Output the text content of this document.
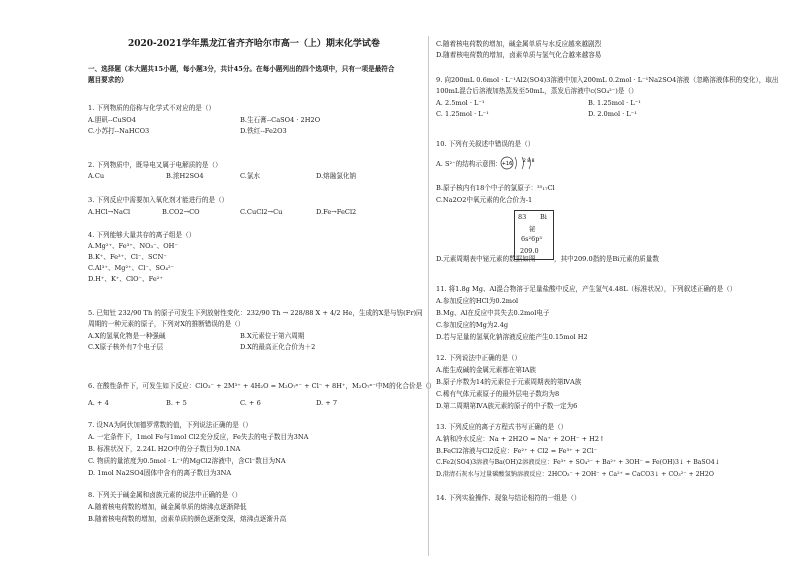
2020-2021学年黑龙江省齐齐哈尔市高一（上）期末化学试卷
一、选择题（本大题共15小题，每小题3分，共计45分。在每小题列出的四个选项中，只有一项是最符合
题目要求的）
1. 下列物质的俗称与化学式不对应的是（）
A.胆矾--CuSO4	B.生石膏--CaSO4 · 2H2O
C.小苏打--NaHCO3	D.铁红--Fe2O3
2. 下列物质中，既导电又属于电解质的是（）
A.Cu	B.浓H2SO4	C.氯水	D.熔融氯化钠
3. 下列反应中需要加入氧化剂才能进行的是（）
A.HCl→NaCl	B.CO2→CO	C.CuCl2→Cu	D.Fe→FeCl2
4. 下列能够大量共存的离子组是（）
A.Mg²⁺、Fe³⁺、NO₃⁻、OH⁻
B.K⁺、Fe³⁺、Cl⁻、SCN⁻
C.Al³⁺、Mg²⁺、Cl⁻、SO₄²⁻
D.H⁺、K⁺、ClO⁻、Fe²⁺
5. 已知钍 232/90 Th 的原子可发生下列放射性变化：232/90 Th → 228/88 X + 4/2 He，生成的X是与钫(Fr)同
周期的一种元素的原子，下列对X的推断错误的是（）
A.X的氢氧化物是一种强碱	B.X元素位于第六周期
C.X原子核外有7个电子层	D.X的最高正化合价为＋2
6. 在酸性条件下，可发生如下反应：ClO₃⁻ + 2M³⁺ + 4H₂O = M₂O₇ⁿ⁻ + Cl⁻ + 8H⁺，M₂O₇ⁿ⁻中M的化合价是（）
A. + 4	B. + 5	C. + 6	D. + 7
7. 设NA为阿伏加德罗常数的值，下列说法正确的是（）
A. 一定条件下，1mol Fe与1mol Cl2充分反应，Fe失去的电子数目为3NA
B. 标准状况下，2.24L H2O中的分子数目为0.1NA
C. 物质的量浓度为0.5mol · L⁻¹的MgCl2溶液中，含Cl⁻数目为NA
D. 1mol Na2SO4固体中含有的离子数目为3NA
8. 下列关于碱金属和卤族元素的说法中正确的是（）
A.随着核电荷数的增加，碱金属单质的熔沸点逐渐降低
B.随着核电荷数的增加，卤素单质的颜色逐渐变深，熔沸点逐渐升高
C.随着核电荷数的增加，碱金属单质与水反应越来越剧烈
D.随着核电荷数的增加，卤素单质与氢气化合越来越容易
9. 向200mL 0.6mol · L⁻¹Al2(SO4)3溶液中加入200mL 0.2mol · L⁻¹Na2SO4溶液（忽略溶液体积的变化），取出
100mL混合后溶液加热蒸发至50mL，蒸发后溶液中c(SO₄²⁻)是（）
A. 2.5mol · L⁻¹	B. 1.25mol · L⁻¹
C. 1.25mol · L⁻¹	D. 2.0mol · L⁻¹
10. 下列有关叙述中错误的是（）
A. S²⁻的结构示意图： +16 2 8 8
B.原子核内有18个中子的氯原子：³⁵₁₇Cl
C.Na2O2中氧元素的化合价为-1
83 Bi
铋
6s²6p³
209.0
D.元素周期表中铋元素的数据如图	，其中209.0指的是Bi元素的质量数
11. 将1.8g Mg、Al混合物溶于足量盐酸中反应，产生氢气4.48L（标准状况），下列叙述正确的是（）
A.参加反应的HCl为0.2mol
B.Mg、Al在反应中共失去0.2mol电子
C.参加反应的Mg为2.4g
D.若与足量的氢氧化钠溶液反应能产生0.15mol H2
12. 下列说法中正确的是（）
A.能生成碱的金属元素都在第ⅠA族
B.原子序数为14的元素位于元素周期表的第ⅣA族
C.稀有气体元素原子的最外层电子数均为8
D.第二周期第ⅣA族元素的原子的中子数一定为6
13. 下列反应的离子方程式书写正确的是（）
A.钠和冷水反应：Na + 2H2O = Na⁺ + 2OH⁻ + H2↑
B.FeCl2溶液与Cl2反应：Fe²⁺ + Cl2 = Fe³⁺ + 2Cl⁻
C.Fe2(SO4)3溶液与Ba(OH)2溶液反应：Fe³⁺ + SO₄²⁻ + Ba²⁺ + 3OH⁻ = Fe(OH)3↓ + BaSO4↓
D.澄清石灰水与过量碳酸氢钠溶液反应：2HCO₃⁻ + 2OH⁻ + Ca²⁺ = CaCO3↓ + CO₃²⁻ + 2H2O
14. 下列实验操作、现象与结论相符的一组是（）
